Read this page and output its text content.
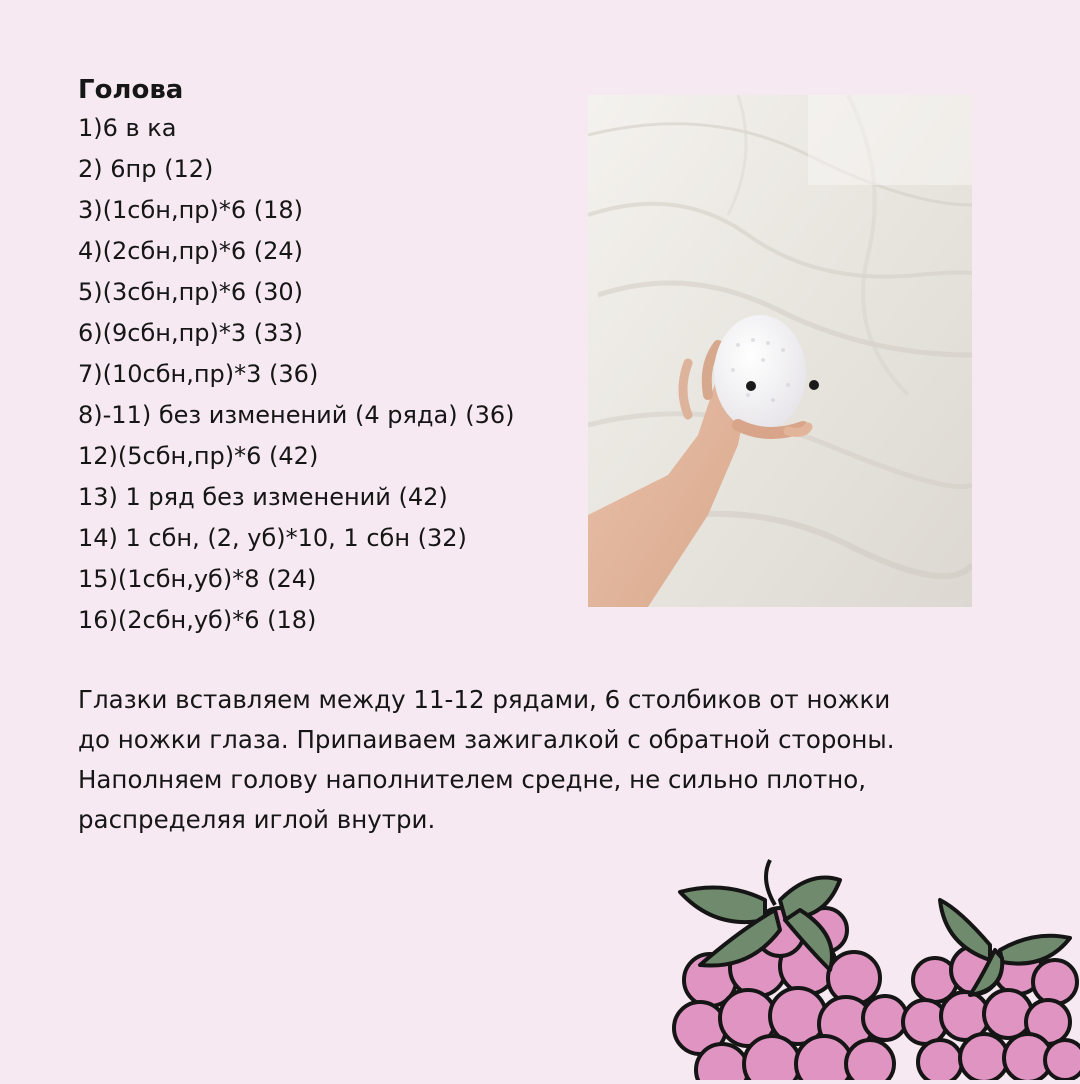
Голова
1)6 в ка
2) 6пр (12)
3)(1сбн,пр)*6 (18)
4)(2сбн,пр)*6 (24)
5)(3сбн,пр)*6 (30)
6)(9сбн,пр)*3 (33)
7)(10сбн,пр)*3 (36)
8)-11) без изменений (4 ряда) (36)
12)(5сбн,пр)*6 (42)
13) 1 ряд без изменений (42)
14) 1 сбн, (2, уб)*10, 1 сбн (32)
15)(1сбн,уб)*8 (24)
16)(2сбн,уб)*6 (18)
Глазки вставляем между 11-12 рядами, 6 столбиков от ножки
до ножки глаза. Припаиваем зажигалкой с обратной стороны.
Наполняем голову наполнителем средне, не сильно плотно,
распределяя иглой внутри.
